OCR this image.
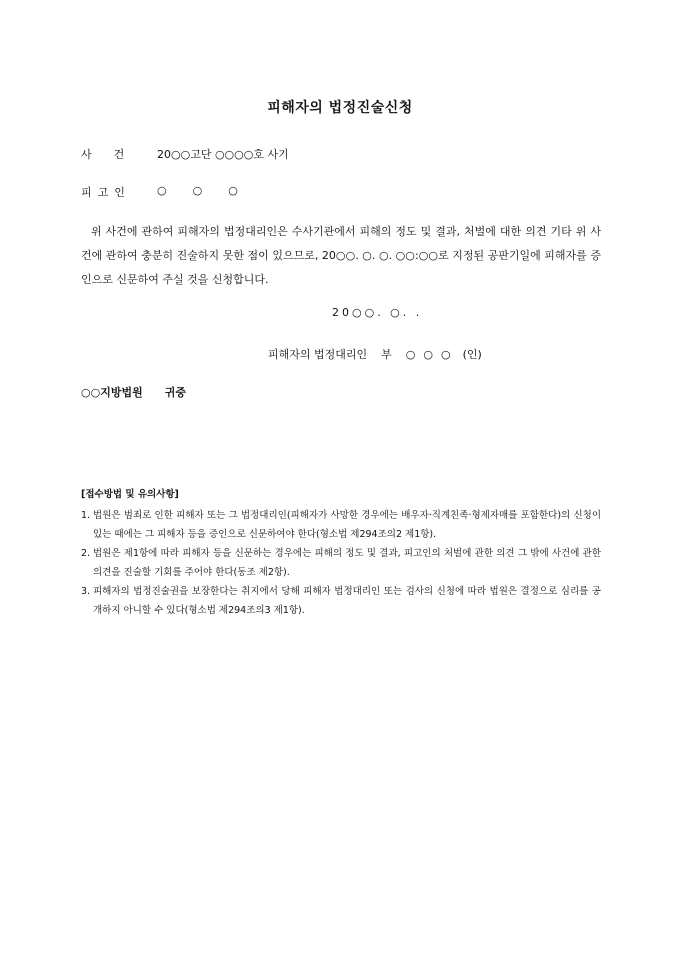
피해자의 법정진술신청
사건 20○○고단 ○○○○호 사기
피고인 ○○○
위 사건에 관하여 피해자의 법정대리인은 수사기관에서 피해의 정도 및 결과, 처벌에 대한 의견 기타 위 사건에 관하여 충분히 진술하지 못한 점이 있으므로, 20○○. ○. ○. ○○:○○로 지정된 공판기일에 피해자를 증인으로 신문하여 주실 것을 신청합니다.
20○○. ○. .
피해자의 법정대리인 부 ○○○ (인)
○○지방법원 귀중
[접수방법 및 유의사항]
1. 법원은 범죄로 인한 피해자 또는 그 법정대리인(피해자가 사망한 경우에는 배우자·직계친족·형제자매를 포함한다)의 신청이 있는 때에는 그 피해자 등을 증인으로 신문하여야 한다(형소법 제294조의2 제1항).
2. 법원은 제1항에 따라 피해자 등을 신문하는 경우에는 피해의 정도 및 결과, 피고인의 처벌에 관한 의견 그 밖에 사건에 관한 의견을 진술할 기회를 주어야 한다(동조 제2항).
3. 피해자의 법정진술권을 보장한다는 취지에서 당해 피해자 법정대리인 또는 검사의 신청에 따라 법원은 결정으로 심리를 공개하지 아니할 수 있다(형소법 제294조의3 제1항).
